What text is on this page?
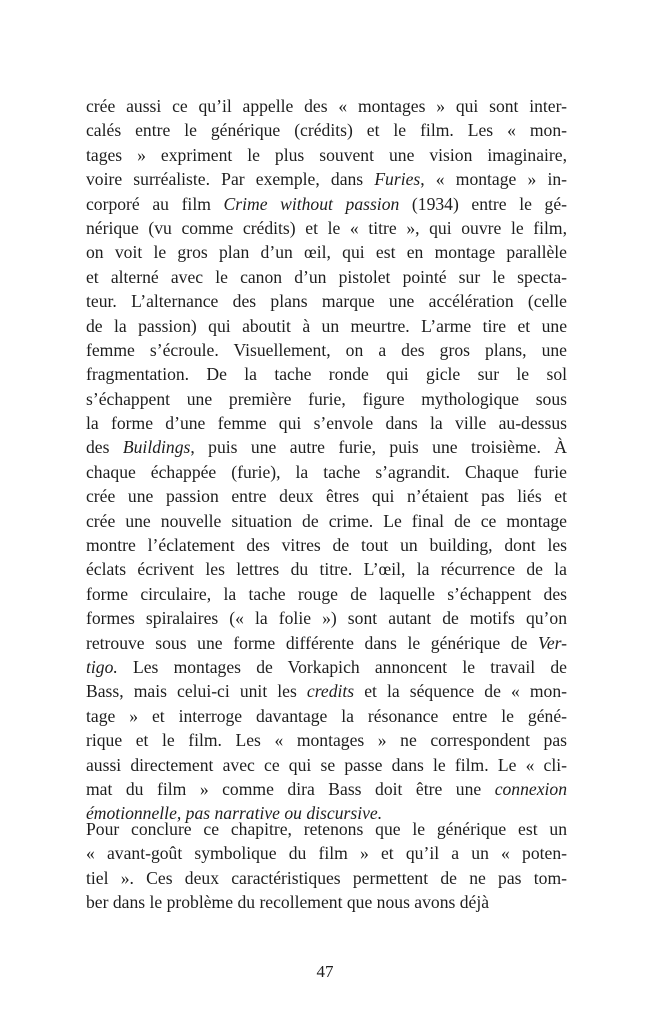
crée aussi ce qu’il appelle des « montages » qui sont inter-
calés entre le générique (crédits) et le film. Les « mon-
tages » expriment le plus souvent une vision imaginaire,
voire surréaliste. Par exemple, dans Furies, « montage » in-
corporé au film Crime without passion (1934) entre le gé-
nérique (vu comme crédits) et le « titre », qui ouvre le film,
on voit le gros plan d’un œil, qui est en montage parallèle
et alterné avec le canon d’un pistolet pointé sur le specta-
teur. L’alternance des plans marque une accélération (celle
de la passion) qui aboutit à un meurtre. L’arme tire et une
femme s’écroule. Visuellement, on a des gros plans, une
fragmentation. De la tache ronde qui gicle sur le sol
s’échappent une première furie, figure mythologique sous
la forme d’une femme qui s’envole dans la ville au-dessus
des Buildings, puis une autre furie, puis une troisième. À
chaque échappée (furie), la tache s’agrandit. Chaque furie
crée une passion entre deux êtres qui n’étaient pas liés et
crée une nouvelle situation de crime. Le final de ce montage
montre l’éclatement des vitres de tout un building, dont les
éclats écrivent les lettres du titre. L’œil, la récurrence de la
forme circulaire, la tache rouge de laquelle s’échappent des
formes spiralaires (« la folie ») sont autant de motifs qu’on
retrouve sous une forme différente dans le générique de Ver-
tigo. Les montages de Vorkapich annoncent le travail de
Bass, mais celui-ci unit les credits et la séquence de « mon-
tage » et interroge davantage la résonance entre le géné-
rique et le film. Les « montages » ne correspondent pas
aussi directement avec ce qui se passe dans le film. Le « cli-
mat du film » comme dira Bass doit être une connexion
émotionnelle, pas narrative ou discursive.
Pour conclure ce chapitre, retenons que le générique est un
« avant-goût symbolique du film » et qu’il a un « poten-
tiel ». Ces deux caractéristiques permettent de ne pas tom-
ber dans le problème du recollement que nous avons déjà
47
